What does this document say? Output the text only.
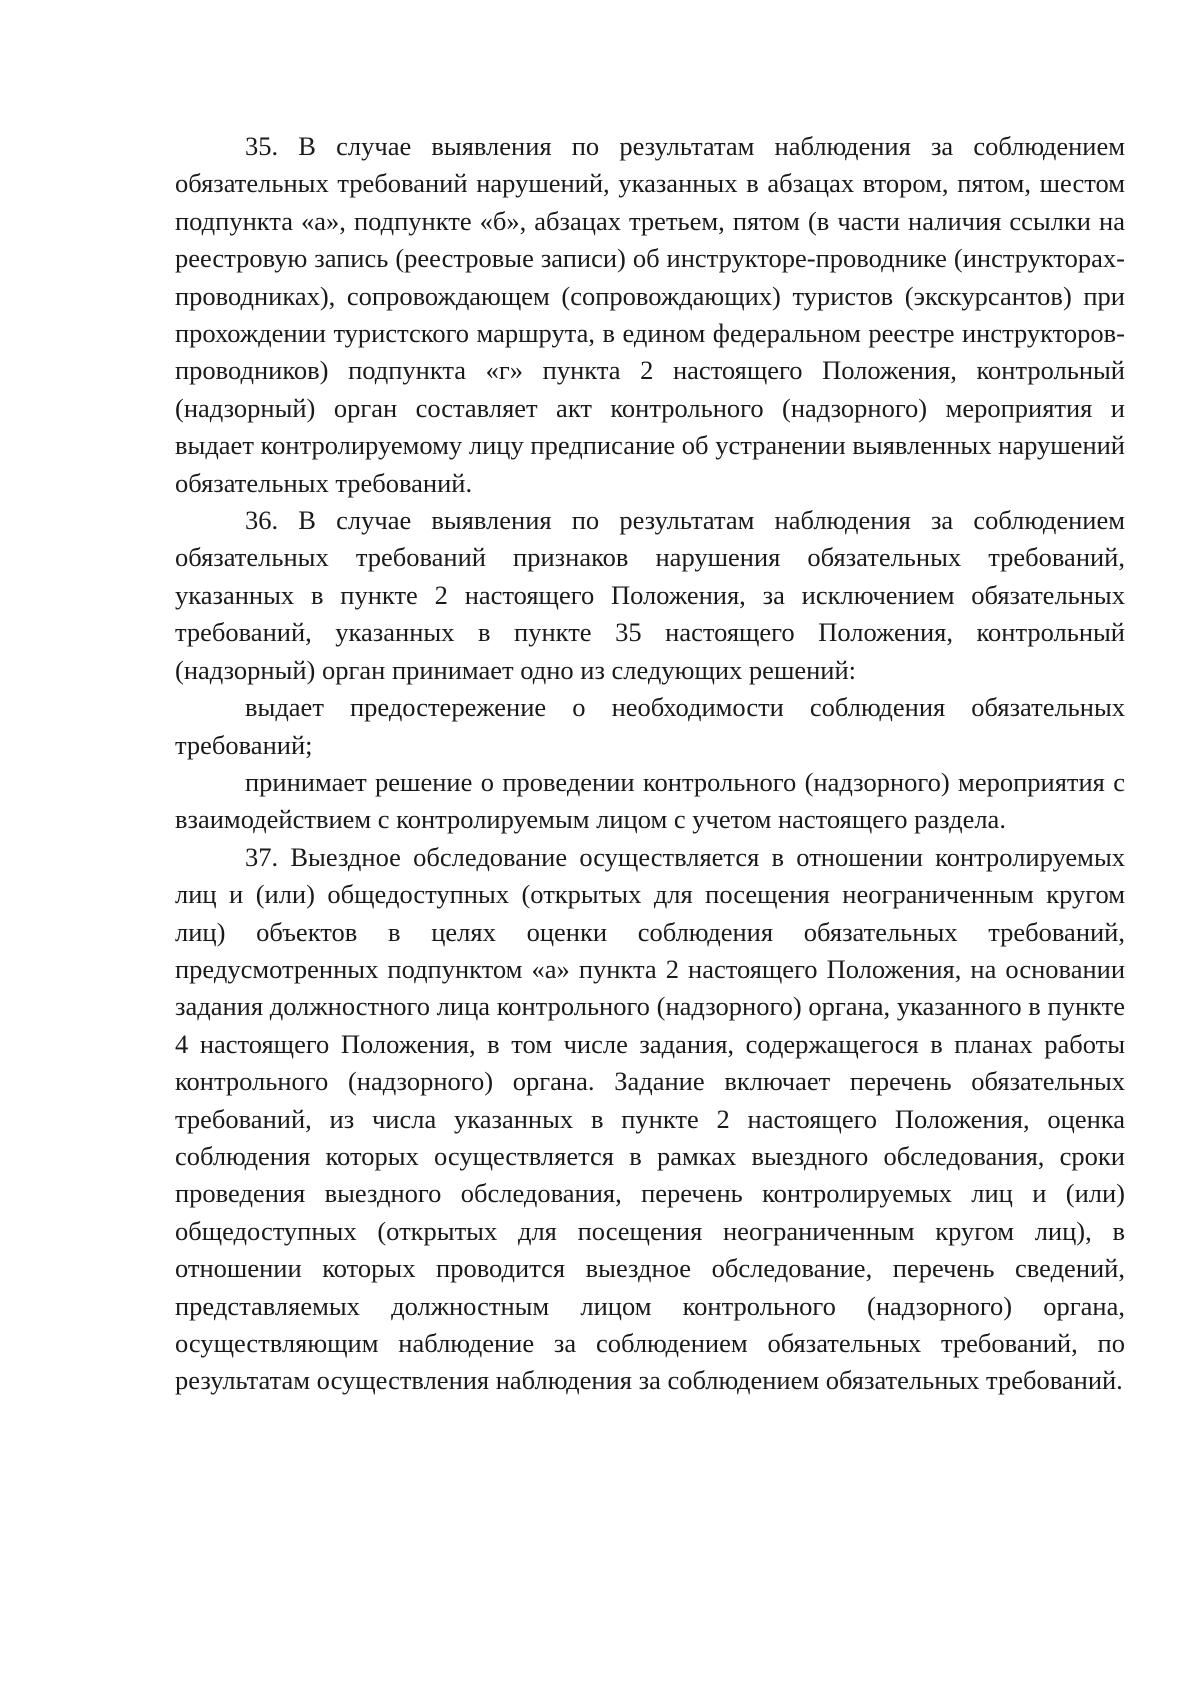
35. В случае выявления по результатам наблюдения за соблюдением обязательных требований нарушений, указанных в абзацах втором, пятом, шестом подпункта «а», подпункте «б», абзацах третьем, пятом (в части наличия ссылки на реестровую запись (реестровые записи) об инструкторе-проводнике (инструкторах-проводниках), сопровождающем (сопровождающих) туристов (экскурсантов) при прохождении туристского маршрута, в едином федеральном реестре инструкторов-проводников) подпункта «г» пункта 2 настоящего Положения, контрольный (надзорный) орган составляет акт контрольного (надзорного) мероприятия и выдает контролируемому лицу предписание об устранении выявленных нарушений обязательных требований.

36. В случае выявления по результатам наблюдения за соблюдением обязательных требований признаков нарушения обязательных требований, указанных в пункте 2 настоящего Положения, за исключением обязательных требований, указанных в пункте 35 настоящего Положения, контрольный (надзорный) орган принимает одно из следующих решений:

выдает предостережение о необходимости соблюдения обязательных требований;

принимает решение о проведении контрольного (надзорного) мероприятия с взаимодействием с контролируемым лицом с учетом настоящего раздела.

37. Выездное обследование осуществляется в отношении контролируемых лиц и (или) общедоступных (открытых для посещения неограниченным кругом лиц) объектов в целях оценки соблюдения обязательных требований, предусмотренных подпунктом «а» пункта 2 настоящего Положения, на основании задания должностного лица контрольного (надзорного) органа, указанного в пункте 4 настоящего Положения, в том числе задания, содержащегося в планах работы контрольного (надзорного) органа. Задание включает перечень обязательных требований, из числа указанных в пункте 2 настоящего Положения, оценка соблюдения которых осуществляется в рамках выездного обследования, сроки проведения выездного обследования, перечень контролируемых лиц и (или) общедоступных (открытых для посещения неограниченным кругом лиц), в отношении которых проводится выездное обследование, перечень сведений, представляемых должностным лицом контрольного (надзорного) органа, осуществляющим наблюдение за соблюдением обязательных требований, по результатам осуществления наблюдения за соблюдением обязательных требований.
